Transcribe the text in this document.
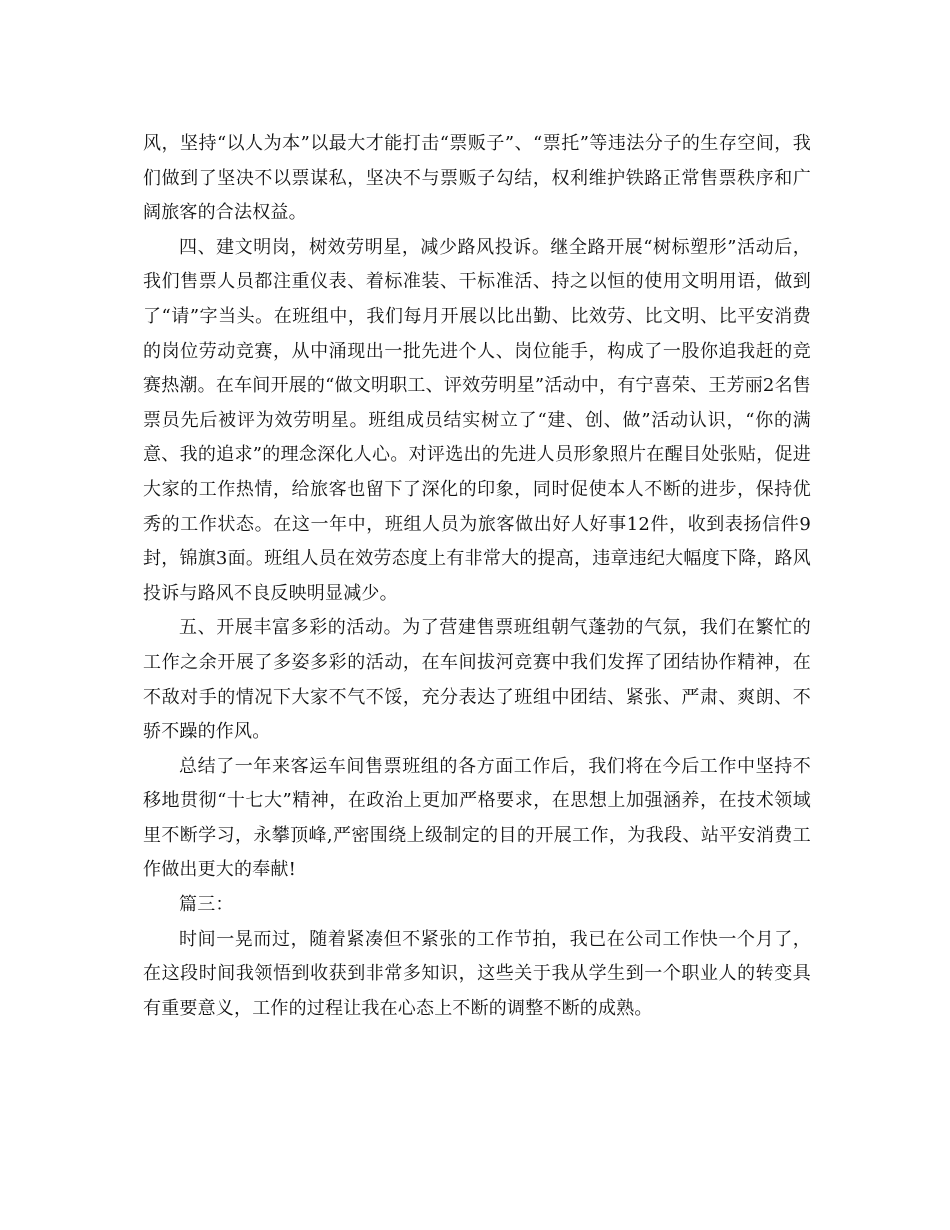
风，坚持“以人为本”以最大才能打击“票贩子”、“票托”等违法分子的生存空间，我们做到了坚决不以票谋私，坚决不与票贩子勾结，权利维护铁路正常售票秩序和广阔旅客的合法权益。

四、建文明岗，树效劳明星，减少路风投诉。继全路开展“树标塑形”活动后，我们售票人员都注重仪表、着标准装、干标准活、持之以恒的使用文明用语，做到了“请”字当头。在班组中，我们每月开展以比出勤、比效劳、比文明、比平安消费的岗位劳动竞赛，从中涌现出一批先进个人、岗位能手，构成了一股你追我赶的竞赛热潮。在车间开展的“做文明职工、评效劳明星”活动中，有宁喜荣、王芳丽2名售票员先后被评为效劳明星。班组成员结实树立了“建、创、做”活动认识，“你的满意、我的追求”的理念深化人心。对评选出的先进人员形象照片在醒目处张贴，促进大家的工作热情，给旅客也留下了深化的印象，同时促使本人不断的进步，保持优秀的工作状态。在这一年中，班组人员为旅客做出好人好事12件，收到表扬信件9封，锦旗3面。班组人员在效劳态度上有非常大的提高，违章违纪大幅度下降，路风投诉与路风不良反映明显减少。

五、开展丰富多彩的活动。为了营建售票班组朝气蓬勃的气氛，我们在繁忙的工作之余开展了多姿多彩的活动，在车间拔河竞赛中我们发挥了团结协作精神，在不敌对手的情况下大家不气不馁，充分表达了班组中团结、紧张、严肃、爽朗、不骄不躁的作风。

总结了一年来客运车间售票班组的各方面工作后，我们将在今后工作中坚持不移地贯彻“十七大”精神，在政治上更加严格要求，在思想上加强涵养，在技术领域里不断学习，永攀顶峰,严密围绕上级制定的目的开展工作，为我段、站平安消费工作做出更大的奉献!

篇三：

时间一晃而过，随着紧凑但不紧张的工作节拍，我已在公司工作快一个月了，在这段时间我领悟到收获到非常多知识，这些关于我从学生到一个职业人的转变具有重要意义，工作的过程让我在心态上不断的调整不断的成熟。
